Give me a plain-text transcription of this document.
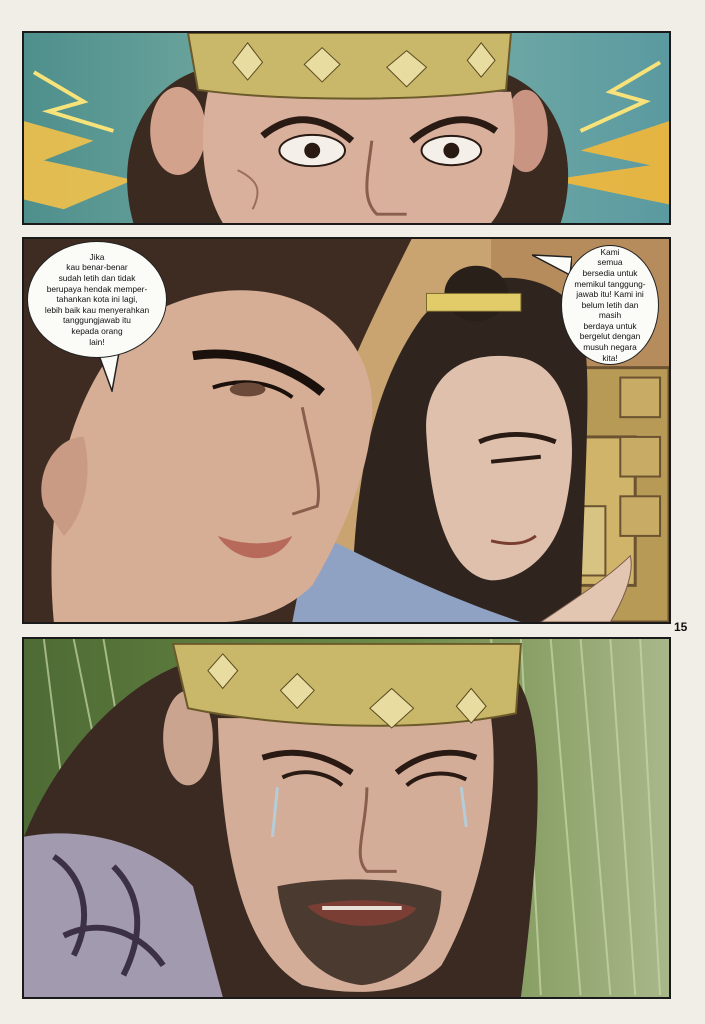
Jika
kau benar-benar
sudah letih dan tidak
berupaya hendak memper-
tahankan kota ini lagi,
lebih baik kau menyerahkan
tanggungjawab itu
kepada orang
lain!

Kami
semua
bersedia untuk
memikul tanggung-
jawab itu! Kami ini
belum letih dan masih
berdaya untuk
bergelut dengan
musuh negara
kita!

15
